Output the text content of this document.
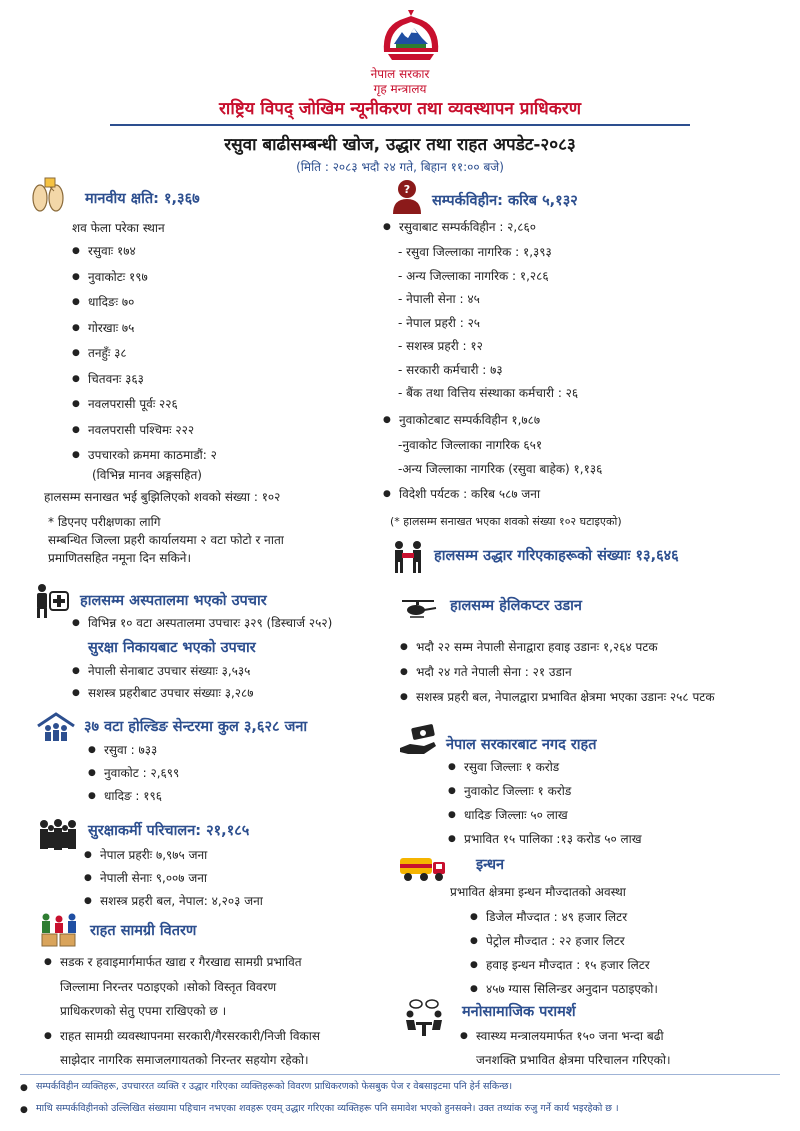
नेपाल सरकार
गृह मन्त्रालय
राष्ट्रिय विपद् जोखिम न्यूनीकरण तथा व्यवस्थापन प्राधिकरण
रसुवा बाढीसम्बन्धी खोज, उद्धार तथा राहत अपडेट-२०८३
(मिति : २०८३ भदौ २४ गते, बिहान ११:०० बजे)
मानवीय क्षति: १,३६७
शव फेला परेका स्थान
● रसुवाः १७४
● नुवाकोटः १९७
● धादिङः ७०
● गोरखाः ७५
● तनहुँः ३८
● चितवनः ३६३
● नवलपरासी पूर्वः २२६
● नवलपरासी पश्चिमः २२२
● उपचारको क्रममा काठमाडौं: २
(विभिन्न मानव अङ्गसहित)
हालसम्म सनाखत भई बुझिलिएको शवको संख्या : १०२
* डिएनए परीक्षणका लागि
सम्बन्धित जिल्ला प्रहरी कार्यालयमा २ वटा फोटो र नाता
प्रमाणितसहित नमूना दिन सकिने।
हालसम्म अस्पतालमा भएको उपचार
● विभिन्न १० वटा अस्पतालमा उपचारः ३२९ (डिस्चार्ज २५२)
सुरक्षा निकायबाट भएको उपचार
● नेपाली सेनाबाट उपचार संख्याः ३,५३५
● सशस्त्र प्रहरीबाट उपचार संख्याः ३,२८७
३७ वटा होल्डिङ सेन्टरमा कुल ३,६२८ जना
● रसुवा : ७३३
● नुवाकोट : २,६९९
● धादिङ : १९६
सुरक्षाकर्मी परिचालन: २१,१८५
● नेपाल प्रहरीः ७,९७५ जना
● नेपाली सेनाः ९,००७ जना
● सशस्त्र प्रहरी बल, नेपाल: ४,२०३ जना
राहत सामग्री वितरण
● सडक र हवाइमार्गमार्फत खाद्य र गैरखाद्य सामग्री प्रभावित
जिल्लामा निरन्तर पठाइएको ।सोको विस्तृत विवरण
प्राधिकरणको सेतु एपमा राखिएको छ ।
● राहत सामग्री व्यवस्थापनमा सरकारी/गैरसरकारी/निजी विकास
साझेदार नागरिक समाजलगायतको निरन्तर सहयोग रहेको।
?
सम्पर्कविहीन: करिब ५,१३२
● रसुवाबाट सम्पर्कविहीन : २,८६०
- रसुवा जिल्लाका नागरिक : १,३९३
- अन्य जिल्लाका नागरिक : १,२८६
- नेपाली सेना : ४५
- नेपाल प्रहरी : २५
- सशस्त्र प्रहरी : १२
- सरकारी कर्मचारी : ७३
- बैंक तथा वित्तिय संस्थाका कर्मचारी : २६
● नुवाकोटबाट सम्पर्कविहीन १,७८७
-नुवाकोट जिल्लाका नागरिक ६५१
-अन्य जिल्लाका नागरिक (रसुवा बाहेक) १,१३६
● विदेशी पर्यटक : करिब ५८७ जना
(* हालसम्म सनाखत भएका शवको संख्या १०२ घटाइएको)
हालसम्म उद्धार गरिएकाहरूको संख्याः १३,६४६
हालसम्म हेलिकप्टर उडान
● भदौ २२ सम्म नेपाली सेनाद्वारा हवाइ उडानः १,२६४ पटक
● भदौ २४ गते नेपाली सेना : २१ उडान
● सशस्त्र प्रहरी बल, नेपालद्वारा प्रभावित क्षेत्रमा भएका उडानः २५८ पटक
नेपाल सरकारबाट नगद राहत
● रसुवा जिल्लाः १ करोड
● नुवाकोट जिल्लाः १ करोड
● धादिङ जिल्लाः ५० लाख
● प्रभावित १५ पालिका :१३ करोड ५० लाख
इन्धन
प्रभावित क्षेत्रमा इन्धन मौज्दातको अवस्था
● डिजेल मौज्दात : ४९ हजार लिटर
● पेट्रोल मौज्दात : २२ हजार लिटर
● हवाइ इन्धन मौज्दात : १५ हजार लिटर
● ४५७ ग्यास सिलिन्डर अनुदान पठाइएको।
मनोसामाजिक परामर्श
● स्वास्थ्य मन्त्रालयमार्फत १५० जना भन्दा बढी
जनशक्ति प्रभावित क्षेत्रमा परिचालन गरिएको।
● सम्पर्कविहीन व्यक्तिहरू, उपचाररत व्यक्ति र उद्धार गरिएका व्यक्तिहरूको विवरण प्राधिकरणको फेसबुक पेज र वेबसाइटमा पनि हेर्न सकिन्छ।
● माथि सम्पर्कविहीनको उल्लिखित संख्यामा पहिचान नभएका शवहरू एवम् उद्धार गरिएका व्यक्तिहरू पनि समावेश भएको हुनसक्ने। उक्त तथ्यांक रुजु गर्ने कार्य भइरहेको छ ।
